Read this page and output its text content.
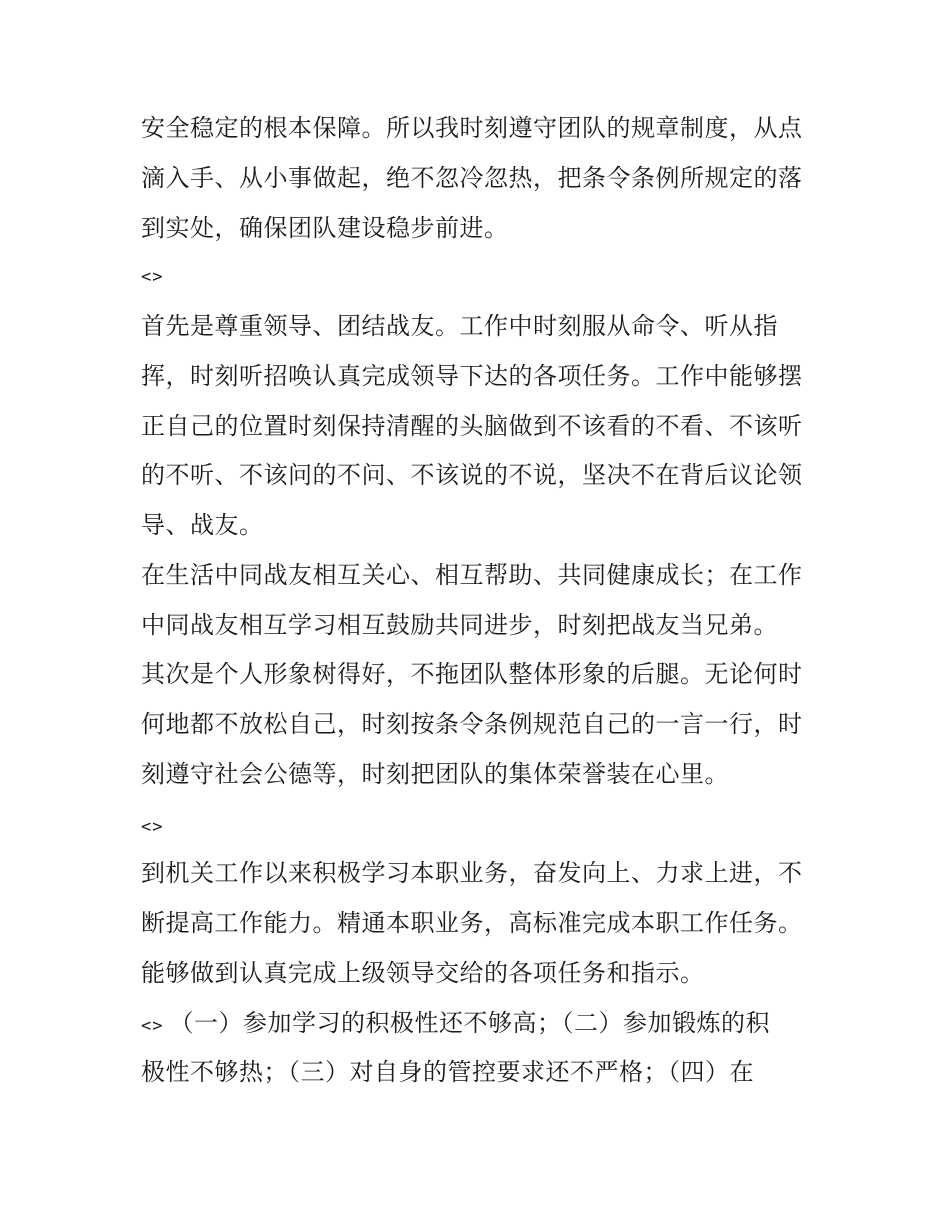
安全稳定的根本保障。所以我时刻遵守团队的规章制度，从点
滴入手、从小事做起，绝不忽冷忽热，把条令条例所规定的落
到实处，确保团队建设稳步前进。
<>
首先是尊重领导、团结战友。工作中时刻服从命令、听从指
挥，时刻听招唤认真完成领导下达的各项任务。工作中能够摆
正自己的位置时刻保持清醒的头脑做到不该看的不看、不该听
的不听、不该问的不问、不该说的不说，坚决不在背后议论领
导、战友。
在生活中同战友相互关心、相互帮助、共同健康成长；在工作
中同战友相互学习相互鼓励共同进步，时刻把战友当兄弟。
其次是个人形象树得好，不拖团队整体形象的后腿。无论何时
何地都不放松自己，时刻按条令条例规范自己的一言一行，时
刻遵守社会公德等，时刻把团队的集体荣誉装在心里。
<>
到机关工作以来积极学习本职业务，奋发向上、力求上进，不
断提高工作能力。精通本职业务，高标准完成本职工作任务。
能够做到认真完成上级领导交给的各项任务和指示。
<> （一）参加学习的积极性还不够高；（二）参加锻炼的积
极性不够热；（三）对自身的管控要求还不严格；（四）在
